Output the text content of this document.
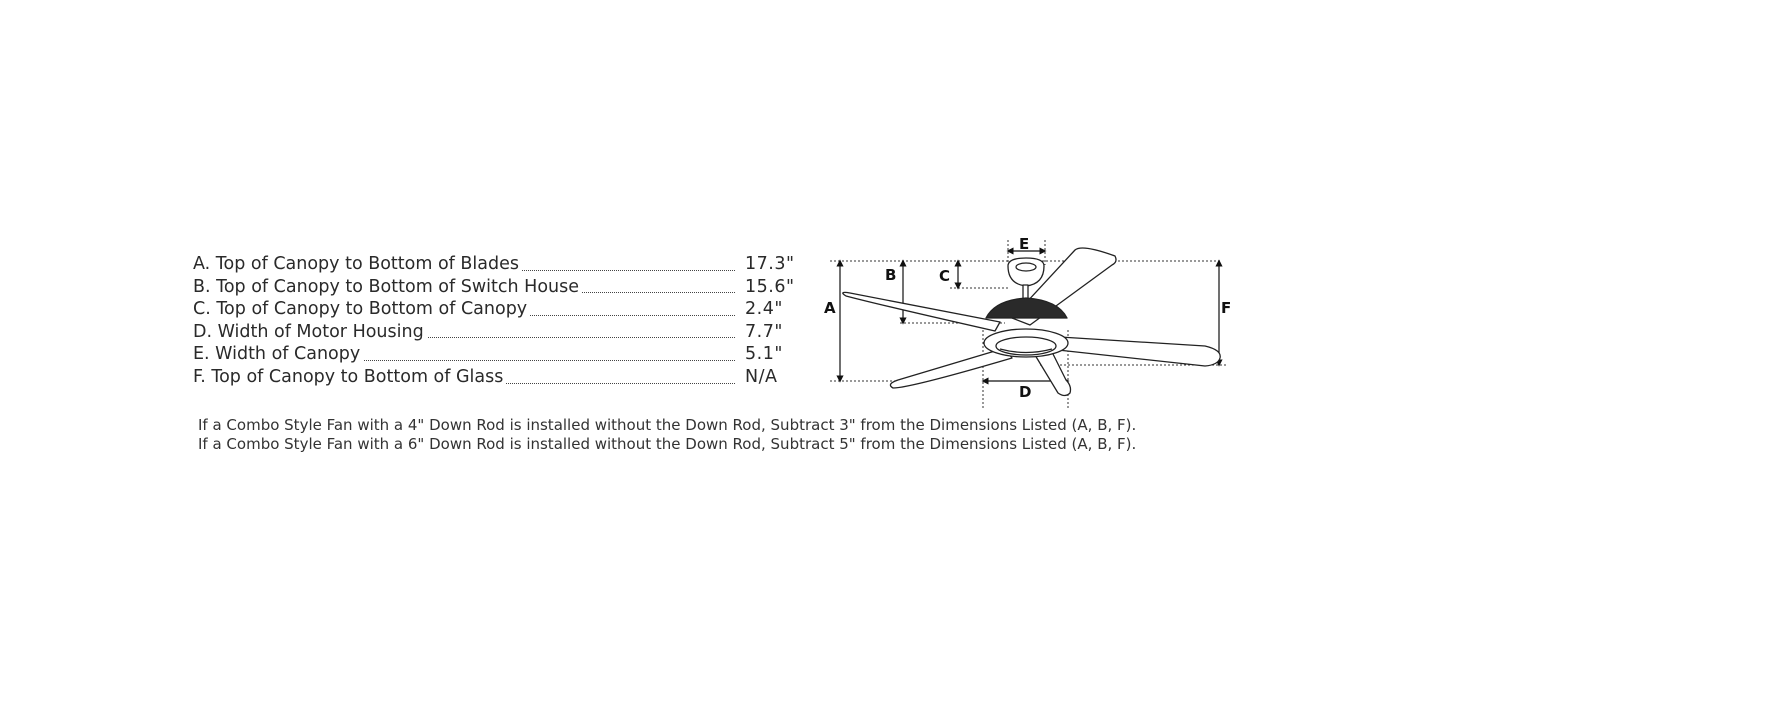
A. Top of Canopy to Bottom of Blades	17.3"
B. Top of Canopy to Bottom of Switch House	15.6"
C. Top of Canopy to Bottom of Canopy	2.4"
D. Width of Motor Housing	7.7"
E. Width of Canopy	5.1"
F. Top of Canopy to Bottom of Glass	N/A
If a Combo Style Fan with a 4" Down Rod is installed without the Down Rod, Subtract 3" from the Dimensions Listed (A, B, F).
If a Combo Style Fan with a 6" Down Rod is installed without the Down Rod, Subtract 5" from the Dimensions Listed (A, B, F).
A
B	C
D
E
F
